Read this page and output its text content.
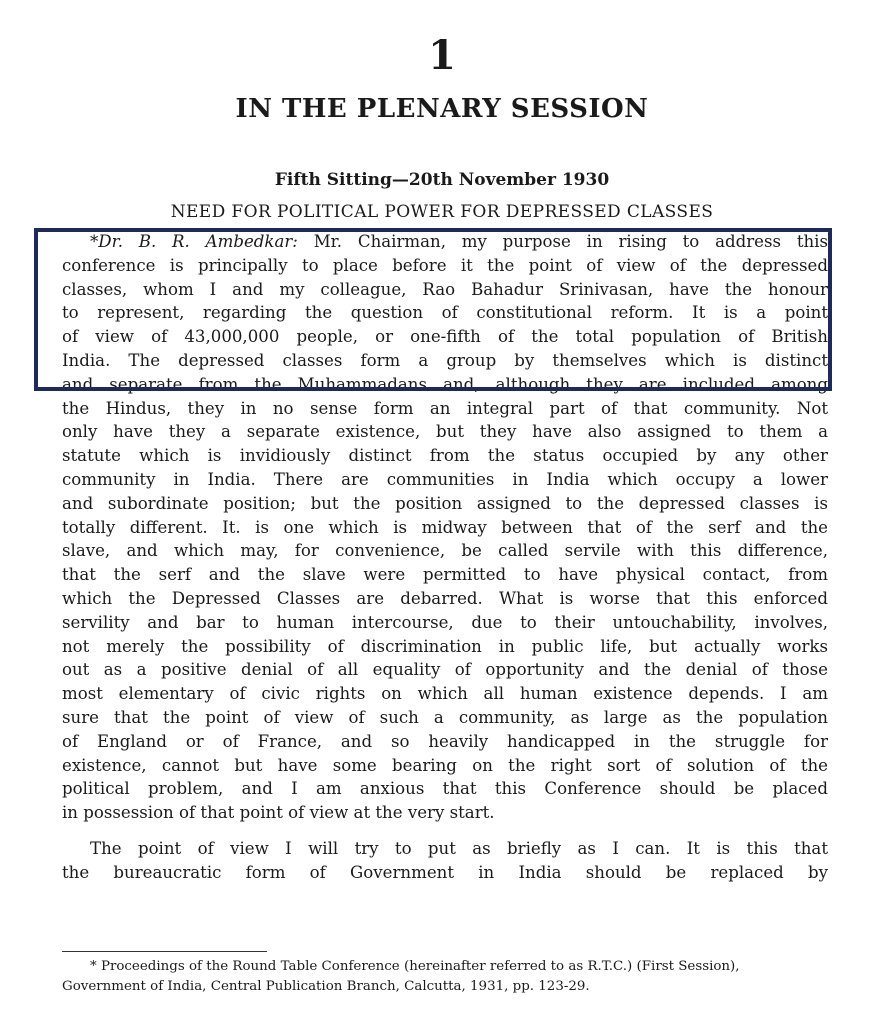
1
IN THE PLENARY SESSION
Fifth Sitting—20th November 1930
NEED FOR POLITICAL POWER FOR DEPRESSED CLASSES
*Dr. B. R. Ambedkar: Mr. Chairman, my purpose in rising to address this
conference is principally to place before it the point of view of the depressed
classes, whom I and my colleague, Rao Bahadur Srinivasan, have the honour
to represent, regarding the question of constitutional reform. It is a point
of view of 43,000,000 people, or one-fifth of the total population of British
India. The depressed classes form a group by themselves which is distinct
and separate from the Muhammadans and, although they are included among
the Hindus, they in no sense form an integral part of that community. Not
only have they a separate existence, but they have also assigned to them a
statute which is invidiously distinct from the status occupied by any other
community in India. There are communities in India which occupy a lower
and subordinate position; but the position assigned to the depressed classes is
totally different. It. is one which is midway between that of the serf and the
slave, and which may, for convenience, be called servile with this difference,
that the serf and the slave were permitted to have physical contact, from
which the Depressed Classes are debarred. What is worse that this enforced
servility and bar to human intercourse, due to their untouchability, involves,
not merely the possibility of discrimination in public life, but actually works
out as a positive denial of all equality of opportunity and the denial of those
most elementary of civic rights on which all human existence depends. I am
sure that the point of view of such a community, as large as the population
of England or of France, and so heavily handicapped in the struggle for
existence, cannot but have some bearing on the right sort of solution of the
political problem, and I am anxious that this Conference should be placed
in possession of that point of view at the very start.
The point of view I will try to put as briefly as I can. It is this that
the bureaucratic form of Government in India should be replaced by
* Proceedings of the Round Table Conference (hereinafter referred to as R.T.C.) (First Session),
Government of India, Central Publication Branch, Calcutta, 1931, pp. 123-29.
